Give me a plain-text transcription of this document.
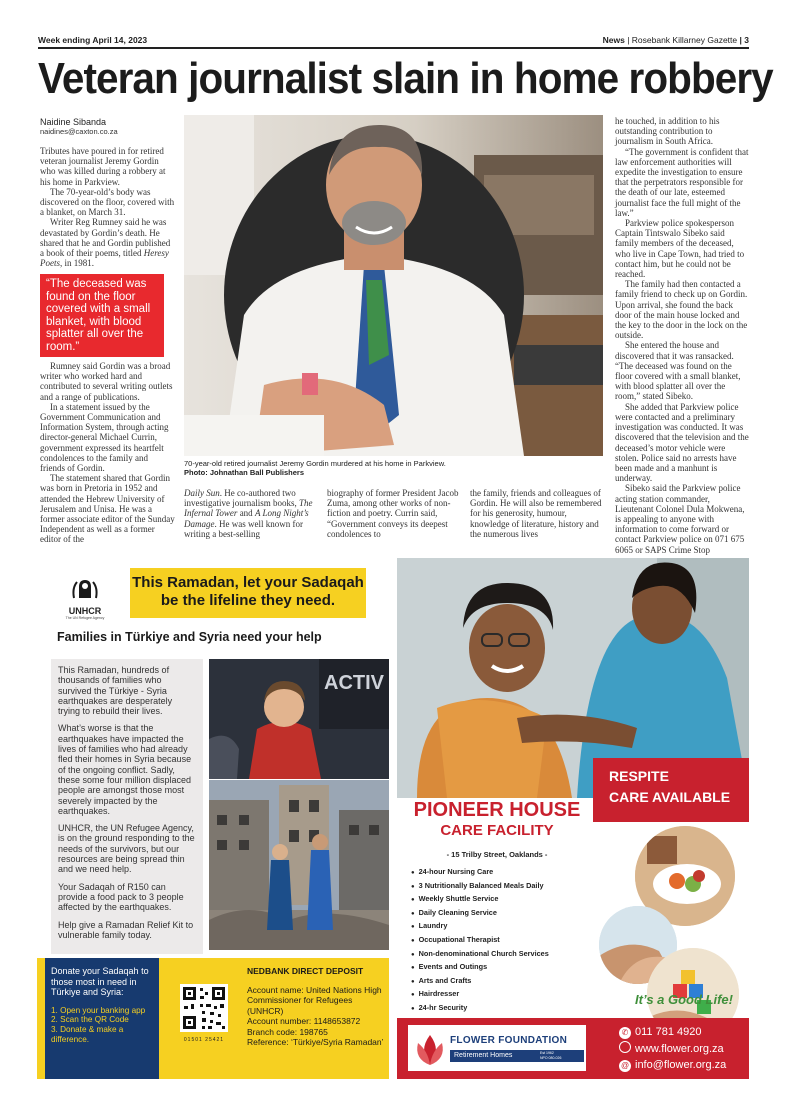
Week ending April 14, 2023	News | Rosebank Killarney Gazette | 3
Veteran journalist slain in home robbery
Naidine Sibanda
naidines@caxton.co.za

Tributes have poured in for retired veteran journalist Jeremy Gordin who was killed during a robbery at his home in Parkview.

The 70-year-old’s body was discovered on the floor, covered with a blanket, on March 31.

Writer Reg Rumney said he was devastated by Gordin’s death. He shared that he and Gordin published a book of their poems, titled Heresy Poets, in 1981.

“The deceased was found on the floor covered with a small blanket, with blood splatter all over the room.”

Rumney said Gordin was a broad writer who worked hard and contributed to several writing outlets and a range of publications.

In a statement issued by the Government Communication and Information System, through acting director-general Michael Currin, government expressed its heartfelt condolences to the family and friends of Gordin.

The statement shared that Gordin was born in Pretoria in 1952 and attended the Hebrew University of Jerusalem and Unisa. He was a former associate editor of the Sunday Independent as well as a former editor of the

70-year-old retired journalist Jeremy Gordin murdered at his home in Parkview.
Photo: Johnathan Ball Publishers

Daily Sun. He co-authored two investigative journalism books, The Infernal Tower and A Long Night’s Damage. He was well known for writing a best-selling

biography of former President Jacob Zuma, among other works of non-fiction and poetry. Currin said, “Government conveys its deepest condolences to

the family, friends and colleagues of Gordin. He will also be remembered for his generosity, humour, knowledge of literature, history and the numerous lives

he touched, in addition to his outstanding contribution to journalism in South Africa.

“The government is confident that law enforcement authorities will expedite the investigation to ensure that the perpetrators responsible for the death of our late, esteemed journalist face the full might of the law.”

Parkview police spokesperson Captain Tintswalo Sibeko said family members of the deceased, who live in Cape Town, had tried to contact him, but he could not be reached.

The family had then contacted a family friend to check up on Gordin. Upon arrival, she found the back door of the main house locked and the key to the door in the lock on the outside.

She entered the house and discovered that it was ransacked. “The deceased was found on the floor covered with a small blanket, with blood splatter all over the room,” stated Sibeko.

She added that Parkview police were contacted and a preliminary investigation was conducted. It was discovered that the television and the deceased’s motor vehicle were stolen. Police said no arrests have been made and a manhunt is underway.

Sibeko said the Parkview police acting station commander, Lieutenant Colonel Dula Mokwena, is appealing to anyone with information to come forward or contact Parkview police on 071 675 6065 or SAPS Crime Stop

UNHCR
The UN Refugee Agency
This Ramadan, let your Sadaqah
be the lifeline they need.
Families in Türkiye and Syria need your help

This Ramadan, hundreds of thousands of families who survived the Türkiye - Syria earthquakes are desperately trying to rebuild their lives.

What’s worse is that the earthquakes have impacted the lives of families who had already fled their homes in Syria because of the ongoing conflict. Sadly, these some four million displaced people are amongst those most severely impacted by the earthquakes.

UNHCR, the UN Refugee Agency, is on the ground responding to the needs of the survivors, but our resources are being spread thin and we need help.

Your Sadaqah of R150 can provide a food pack to 3 people affected by the earthquakes.

Help give a Ramadan Relief Kit to vulnerable family today.

ACTIV
Donate your Sadaqah to those most in need in Türkiye and Syria:
1. Open your banking app
2. Scan the QR Code
3. Donate & make a difference.	01501 25421
NEDBANK DIRECT DEPOSIT
Account name: United Nations High Commissioner for Refugees (UNHCR)
Account number: 1148653872
Branch code: 198765
Reference: ‘Türkiye/Syria Ramadan’
RESPITE
CARE AVAILABLE
PIONEER HOUSE
CARE FACILITY
- 15 Trilby Street, Oaklands -
● 24-hour Nursing Care
● 3 Nutritionally Balanced Meals Daily
● Weekly Shuttle Service
● Daily Cleaning Service
● Laundry
● Occupational Therapist
● Non-denominational Church Services
● Events and Outings
● Arts and Crafts
● Hairdresser
● 24-hr Security
It’s a Good Life!
FLOWER FOUNDATION
Retirement Homes	Est 1962
NPO 080-026
✆ 011 781 4920
www.flower.org.za
@ info@flower.org.za
